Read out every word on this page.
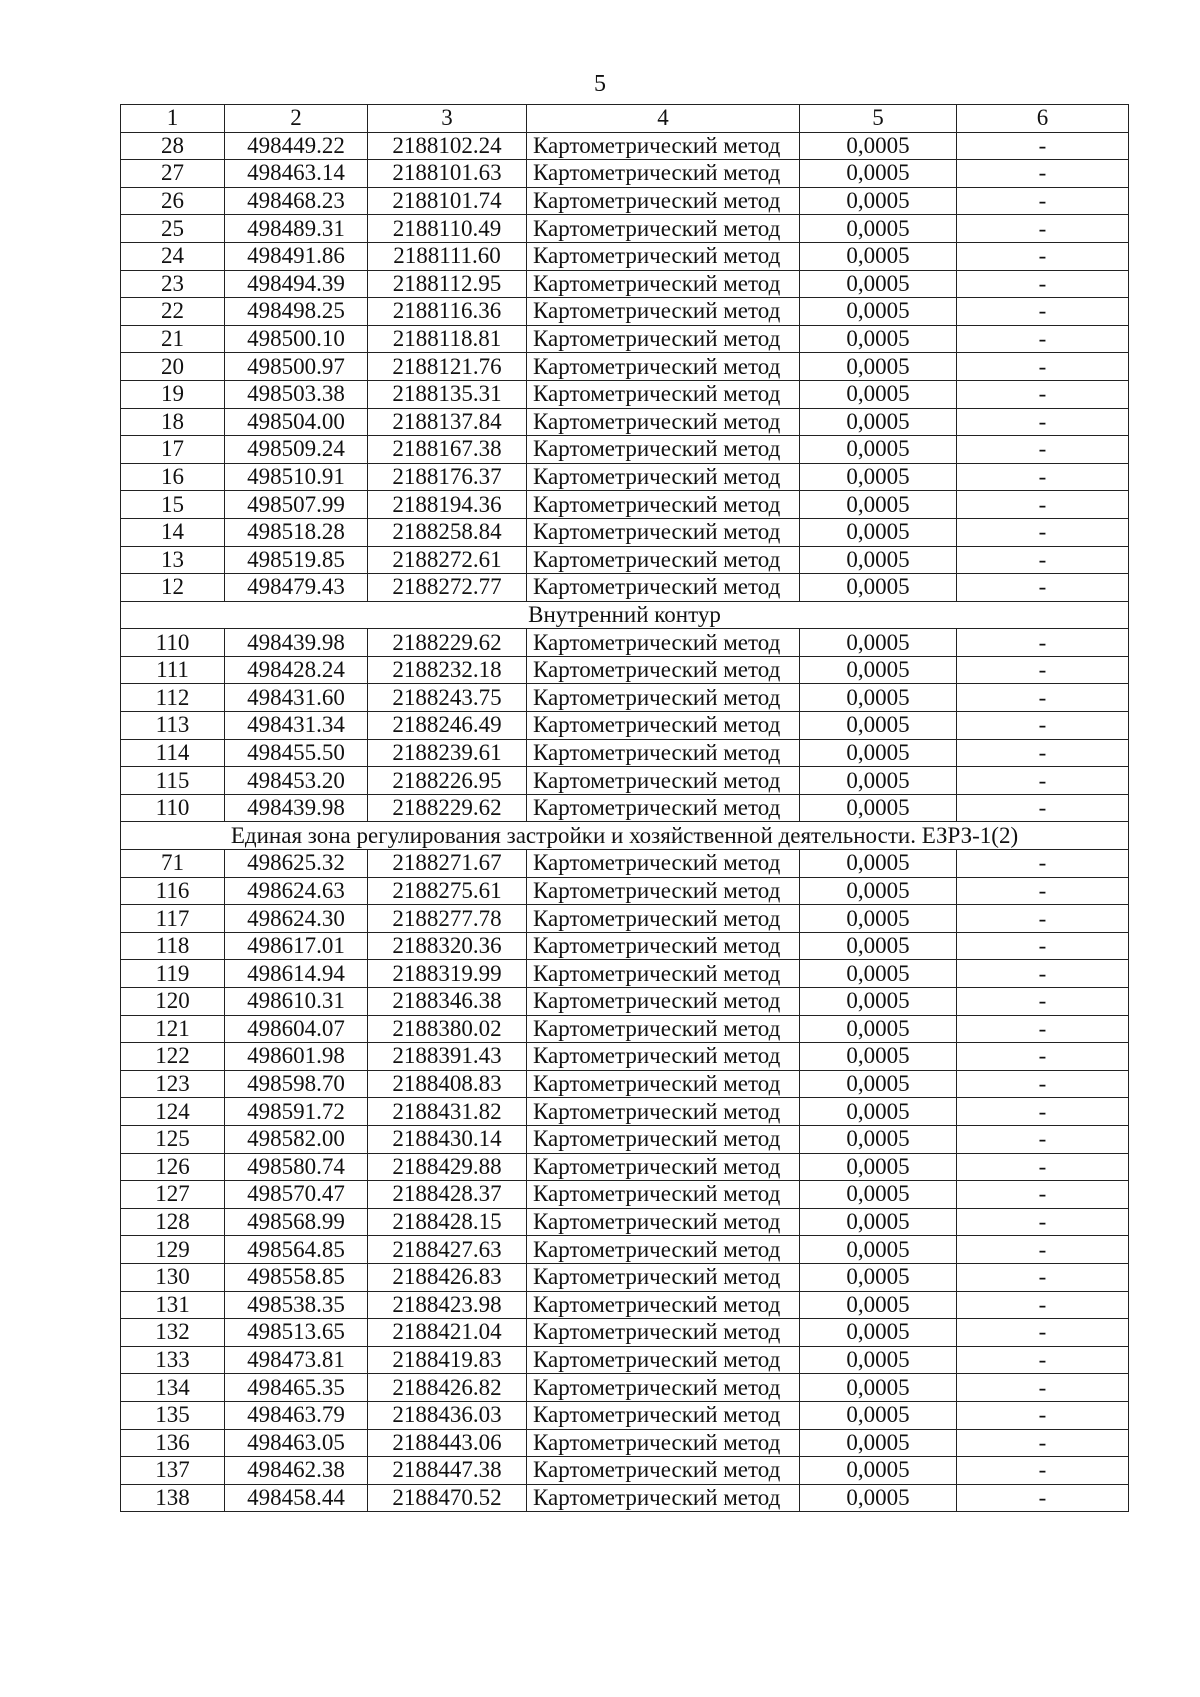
5
1	2	3	4	5	6
28	498449.22	2188102.24	Картометрический метод	0,0005	-
27	498463.14	2188101.63	Картометрический метод	0,0005	-
26	498468.23	2188101.74	Картометрический метод	0,0005	-
25	498489.31	2188110.49	Картометрический метод	0,0005	-
24	498491.86	2188111.60	Картометрический метод	0,0005	-
23	498494.39	2188112.95	Картометрический метод	0,0005	-
22	498498.25	2188116.36	Картометрический метод	0,0005	-
21	498500.10	2188118.81	Картометрический метод	0,0005	-
20	498500.97	2188121.76	Картометрический метод	0,0005	-
19	498503.38	2188135.31	Картометрический метод	0,0005	-
18	498504.00	2188137.84	Картометрический метод	0,0005	-
17	498509.24	2188167.38	Картометрический метод	0,0005	-
16	498510.91	2188176.37	Картометрический метод	0,0005	-
15	498507.99	2188194.36	Картометрический метод	0,0005	-
14	498518.28	2188258.84	Картометрический метод	0,0005	-
13	498519.85	2188272.61	Картометрический метод	0,0005	-
12	498479.43	2188272.77	Картометрический метод	0,0005	-
Внутренний контур					
110	498439.98	2188229.62	Картометрический метод	0,0005	-
111	498428.24	2188232.18	Картометрический метод	0,0005	-
112	498431.60	2188243.75	Картометрический метод	0,0005	-
113	498431.34	2188246.49	Картометрический метод	0,0005	-
114	498455.50	2188239.61	Картометрический метод	0,0005	-
115	498453.20	2188226.95	Картометрический метод	0,0005	-
110	498439.98	2188229.62	Картометрический метод	0,0005	-
Единая зона регулирования застройки и хозяйственной деятельности. ЕЗРЗ-1(2)					
71	498625.32	2188271.67	Картометрический метод	0,0005	-
116	498624.63	2188275.61	Картометрический метод	0,0005	-
117	498624.30	2188277.78	Картометрический метод	0,0005	-
118	498617.01	2188320.36	Картометрический метод	0,0005	-
119	498614.94	2188319.99	Картометрический метод	0,0005	-
120	498610.31	2188346.38	Картометрический метод	0,0005	-
121	498604.07	2188380.02	Картометрический метод	0,0005	-
122	498601.98	2188391.43	Картометрический метод	0,0005	-
123	498598.70	2188408.83	Картометрический метод	0,0005	-
124	498591.72	2188431.82	Картометрический метод	0,0005	-
125	498582.00	2188430.14	Картометрический метод	0,0005	-
126	498580.74	2188429.88	Картометрический метод	0,0005	-
127	498570.47	2188428.37	Картометрический метод	0,0005	-
128	498568.99	2188428.15	Картометрический метод	0,0005	-
129	498564.85	2188427.63	Картометрический метод	0,0005	-
130	498558.85	2188426.83	Картометрический метод	0,0005	-
131	498538.35	2188423.98	Картометрический метод	0,0005	-
132	498513.65	2188421.04	Картометрический метод	0,0005	-
133	498473.81	2188419.83	Картометрический метод	0,0005	-
134	498465.35	2188426.82	Картометрический метод	0,0005	-
135	498463.79	2188436.03	Картометрический метод	0,0005	-
136	498463.05	2188443.06	Картометрический метод	0,0005	-
137	498462.38	2188447.38	Картометрический метод	0,0005	-
138	498458.44	2188470.52	Картометрический метод	0,0005	-
